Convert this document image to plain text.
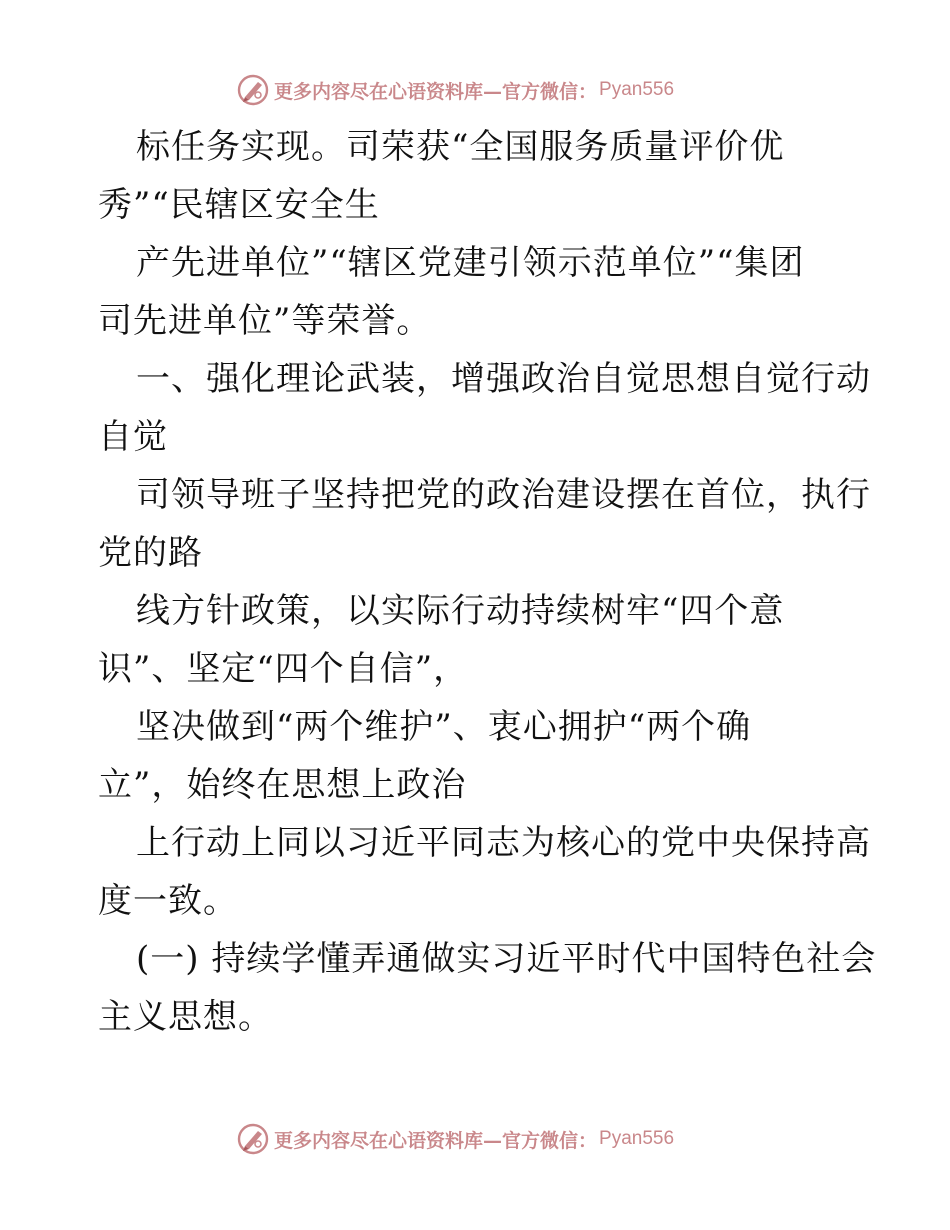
更多内容尽在心语资料库—官方微信： Pyan556
标任务实现。司荣获“全国服务质量评价优
秀”“民辖区安全生
产先进单位”“辖区党建引领示范单位”“集团
司先进单位”等荣誉。
一、强化理论武装，增强政治自觉思想自觉行动
自觉
司领导班子坚持把党的政治建设摆在首位，执行
党的路
线方针政策，以实际行动持续树牢“四个意
识”、坚定“四个自信”，
坚决做到“两个维护”、衷心拥护“两个确
立”，始终在思想上政治
上行动上同以习近平同志为核心的党中央保持高
度一致。
(一) 持续学懂弄通做实习近平时代中国特色社会
主义思想。
更多内容尽在心语资料库—官方微信： Pyan556
